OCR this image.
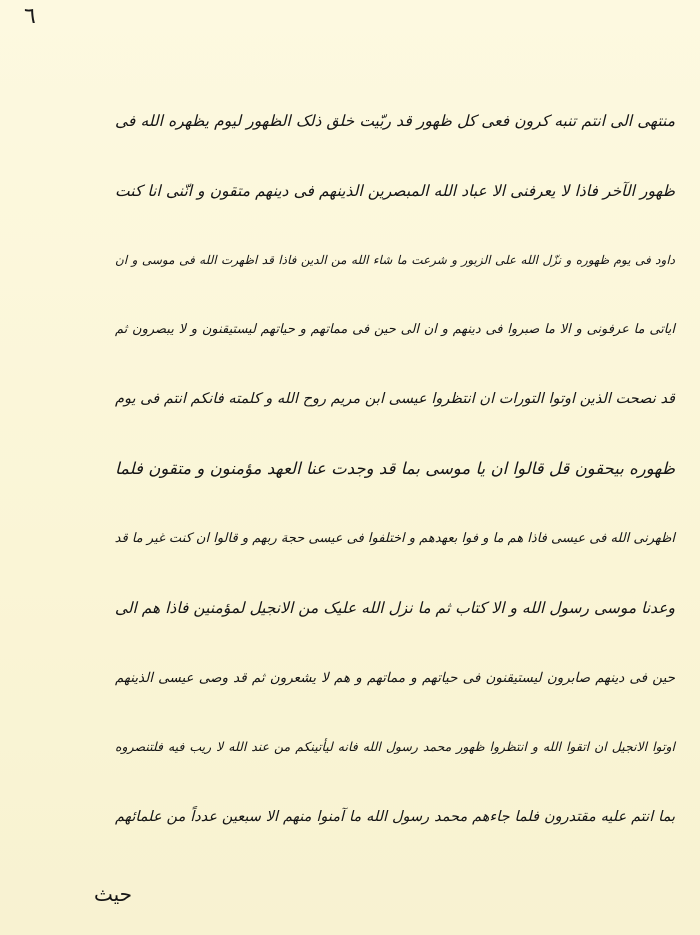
٦
منتهی الی انتم تنبه کرون فعی کل ظهور قد ربّیت خلق ذلک الظهور لیوم یظهره الله فی
ظهور الآخر فاذا لا یعرفنی الا عباد الله المبصرین الذینهم فی دینهم متقون و انّنی انا کنت
داود فی یوم ظهوره و نزّل الله علی الزبور و شرعت ما شاء الله من الدین فاذا قد اظهرت الله فی موسی و ان
ایاتی ما عرفونی و الا ما صبروا فی دینهم و ان الی حین فی مماتهم و حیاتهم لیستیقنون و لا یبصرون ثم
قد نصحت الذین اوتوا التورات ان انتظروا عیسی ابن مریم روح الله و کلمته فانکم انتم فی یوم
ظهوره بیحقون قل قالوا ان یا موسی بما قد وجدت عنا العهد مؤمنون و متقون فلما
اظهرنی الله فی عیسی فاذا هم ما و فوا بعهدهم و اختلفوا فی عیسی حجة ربهم و قالوا ان کنت غیر ما قد
وعدنا موسی رسول الله و الا کتاب ثم ما نزل الله علیک من الانجیل لمؤمنین فاذا هم الی
حین فی دینهم صابرون لیستیقنون فی حیاتهم و مماتهم و هم لا یشعرون ثم قد وصی عیسی الذینهم
اوتوا الانجیل ان اتقوا الله و انتظروا ظهور محمد رسول الله فانه لیأتینکم من عند الله لا ریب فیه فلتنصروه
بما انتم علیه مقتدرون فلما جاءهم محمد رسول الله ما آمنوا منهم الا سبعین عدداً من علمائهم
حیث
